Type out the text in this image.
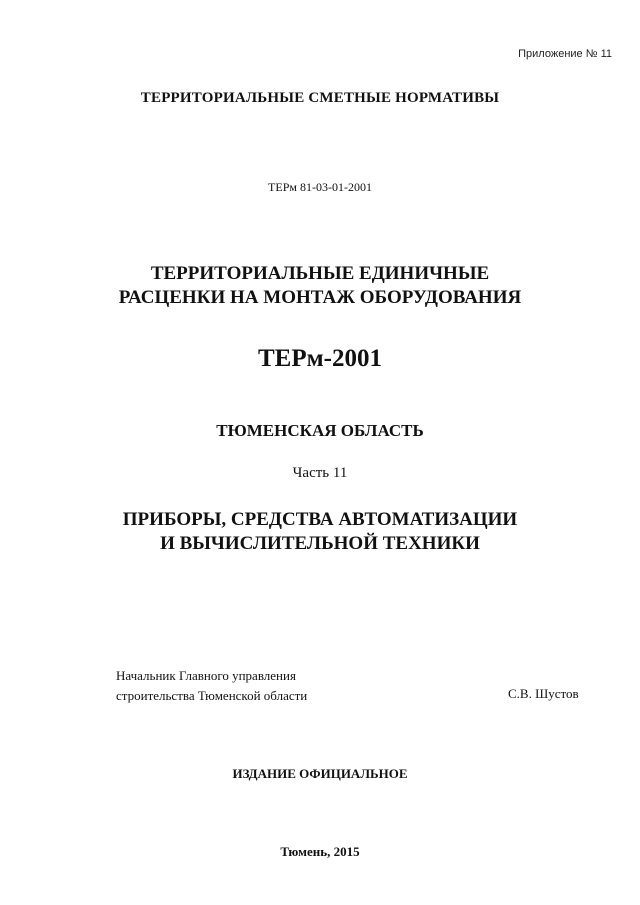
Приложение № 11
ТЕРРИТОРИАЛЬНЫЕ СМЕТНЫЕ НОРМАТИВЫ
ТЕРм 81-03-01-2001
ТЕРРИТОРИАЛЬНЫЕ ЕДИНИЧНЫЕ
РАСЦЕНКИ НА МОНТАЖ ОБОРУДОВАНИЯ
ТЕРм-2001
ТЮМЕНСКАЯ ОБЛАСТЬ
Часть 11
ПРИБОРЫ, СРЕДСТВА АВТОМАТИЗАЦИИ
И ВЫЧИСЛИТЕЛЬНОЙ ТЕХНИКИ
Начальник Главного управления
строительства Тюменской области	С.В. Шустов
ИЗДАНИЕ ОФИЦИАЛЬНОЕ
Тюмень, 2015
